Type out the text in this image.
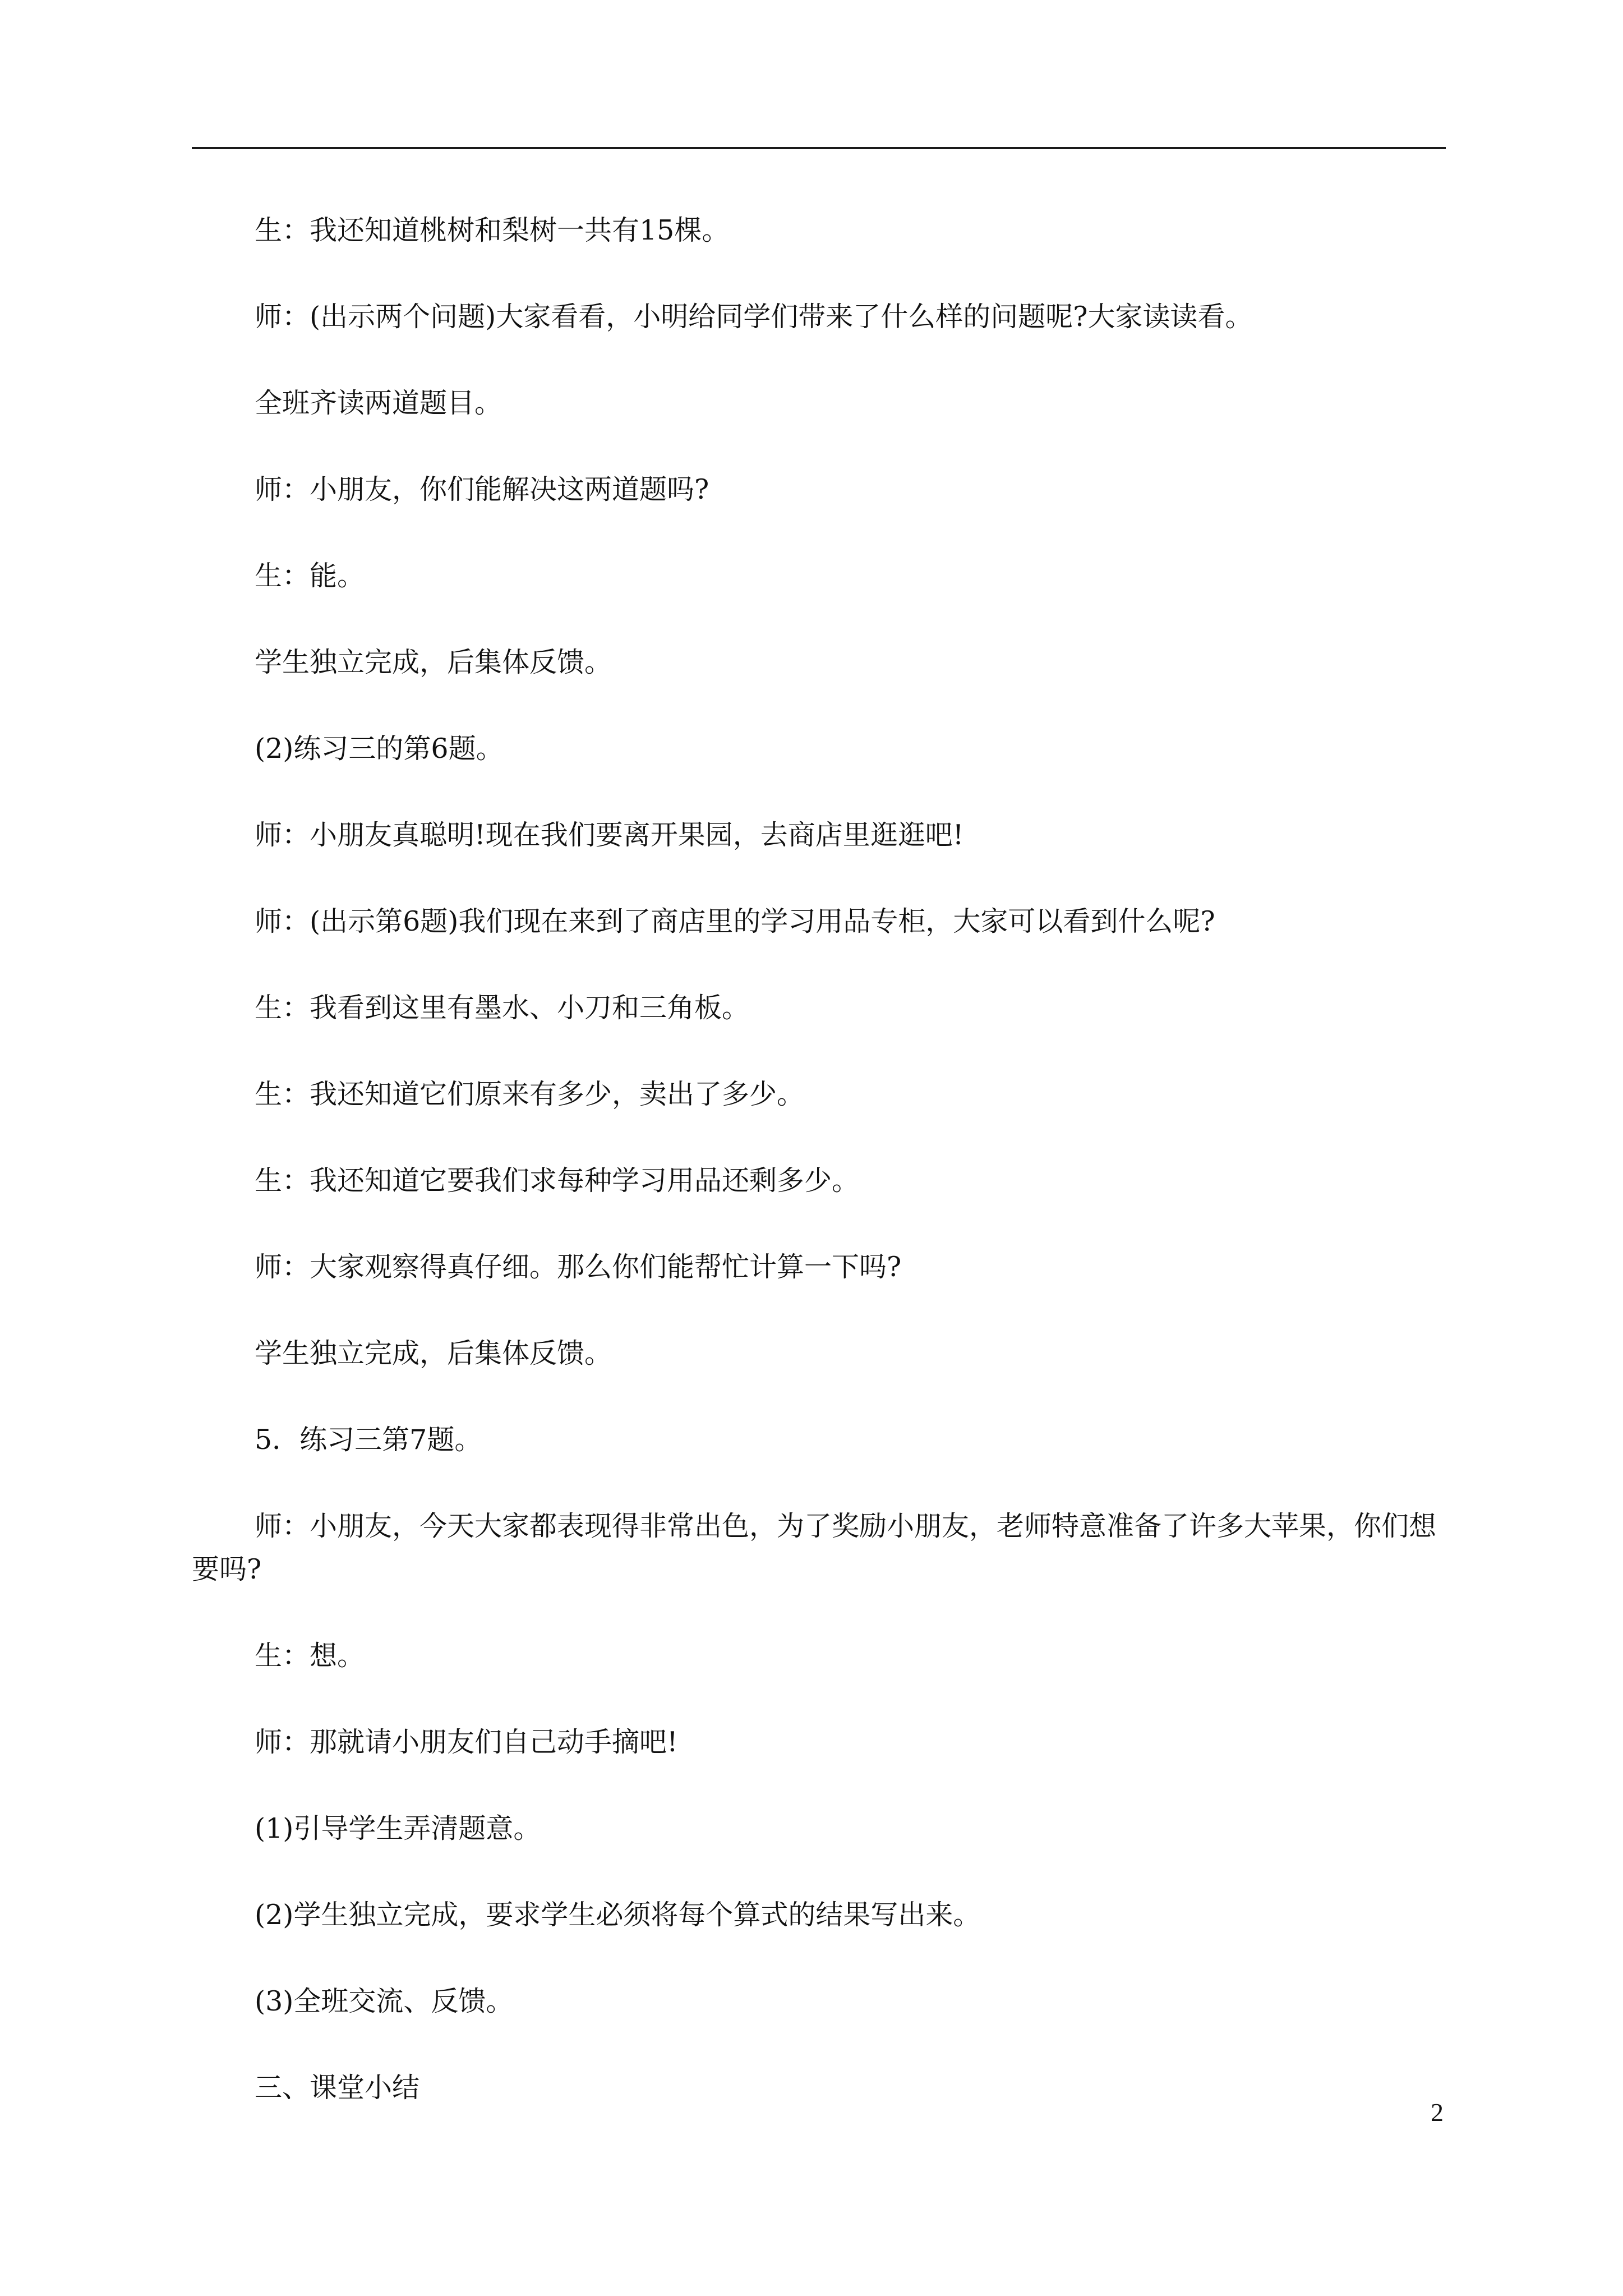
生：我还知道桃树和梨树一共有15棵。

师：(出示两个问题)大家看看，小明给同学们带来了什么样的问题呢?大家读读看。

全班齐读两道题目。

师：小朋友，你们能解决这两道题吗?

生：能。

学生独立完成，后集体反馈。

(2)练习三的第6题。

师：小朋友真聪明!现在我们要离开果园，去商店里逛逛吧!

师：(出示第6题)我们现在来到了商店里的学习用品专柜，大家可以看到什么呢?

生：我看到这里有墨水、小刀和三角板。

生：我还知道它们原来有多少，卖出了多少。

生：我还知道它要我们求每种学习用品还剩多少。

师：大家观察得真仔细。那么你们能帮忙计算一下吗?

学生独立完成，后集体反馈。

5．练习三第7题。

师：小朋友，今天大家都表现得非常出色，为了奖励小朋友，老师特意准备了许多大苹果，你们想要吗?

生：想。

师：那就请小朋友们自己动手摘吧!

(1)引导学生弄清题意。

(2)学生独立完成，要求学生必须将每个算式的结果写出来。

(3)全班交流、反馈。

三、课堂小结

2
